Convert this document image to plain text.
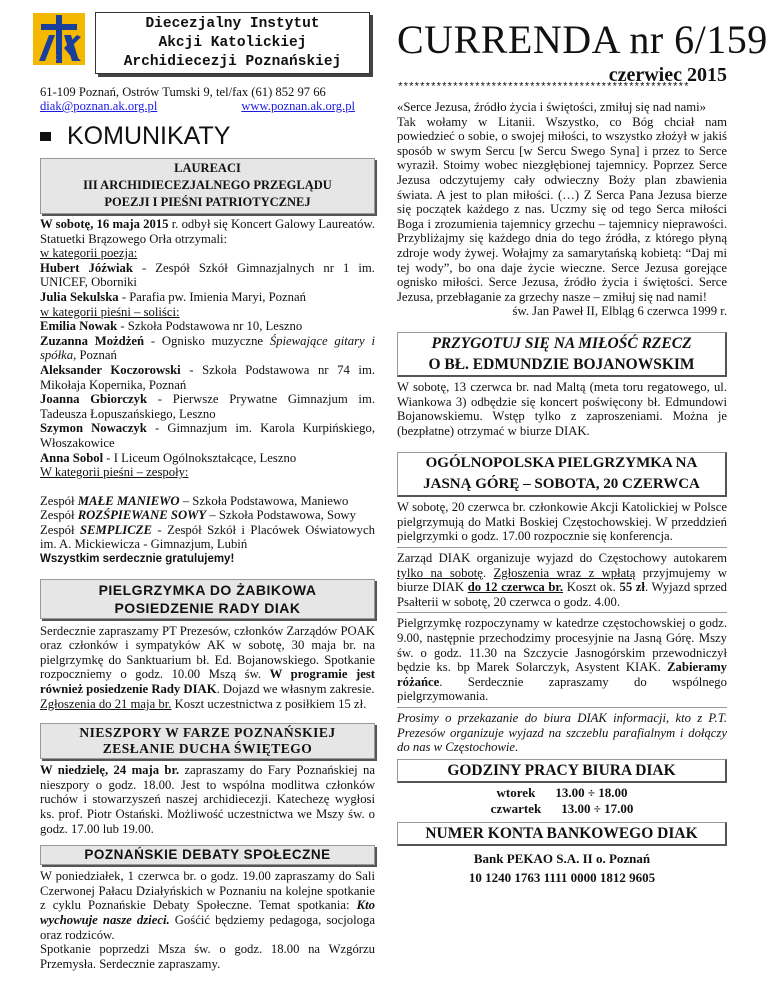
AK
Diecezjalny Instytut
Akcji Katolickiej
Archidiecezji Poznańskiej
61-109 Poznań, Ostrów Tumski 9, tel/fax (61) 852 97 66
diak@poznan.ak.org.pl	www.poznan.ak.org.pl
KOMUNIKATY
LAUREACI
III ARCHIDIECEZJALNEGO PRZEGLĄDU
POEZJI I PIEŚNI PATRIOTYCZNEJ
W sobotę, 16 maja 2015 r. odbył się Koncert Galowy Laureatów. Statuetki Brązowego Orła otrzymali:
w kategorii poezja:
Hubert Jóźwiak - Zespół Szkół Gimnazjalnych nr 1 im. UNICEF, Oborniki
Julia Sekulska - Parafia pw. Imienia Maryi, Poznań
w kategorii pieśni – soliści:
Emilia Nowak - Szkoła Podstawowa nr 10, Leszno
Zuzanna Możdżeń - Ognisko muzyczne Śpiewające gitary i spółka, Poznań
Aleksander Koczorowski - Szkoła Podstawowa nr 74 im. Mikołaja Kopernika, Poznań
Joanna Gbiorczyk - Pierwsze Prywatne Gimnazjum im. Tadeusza Łopuszańskiego, Leszno
Szymon Nowaczyk - Gimnazjum im. Karola Kurpińskiego, Włoszakowice
Anna Sobol - I Liceum Ogólnokształcące, Leszno
W kategorii pieśni – zespoły:
Zespół MAŁE MANIEWO – Szkoła Podstawowa, Maniewo
Zespół ROZŚPIEWANE SOWY – Szkoła Podstawowa, Sowy
Zespół SEMPLICZE - Zespół Szkół i Placówek Oświatowych im. A. Mickiewicza - Gimnazjum, Lubiń
Wszystkim serdecznie gratulujemy!
PIELGRZYMKA DO ŻABIKOWA
POSIEDZENIE RADY DIAK

Serdecznie zapraszamy PT Prezesów, członków Zarządów POAK oraz członków i sympatyków AK w sobotę, 30 maja br. na pielgrzymkę do Sanktuarium bł. Ed. Bojanowskiego. Spotkanie rozpoczniemy o godz. 10.00 Mszą św. W programie jest również posiedzenie Rady DIAK. Dojazd we własnym zakresie.
Zgłoszenia do 21 maja br. Koszt uczestnictwa z posiłkiem 15 zł.

NIESZPORY W FARZE POZNAŃSKIEJ
ZESŁANIE DUCHA ŚWIĘTEGO

W niedzielę, 24 maja br. zapraszamy do Fary Poznańskiej na nieszpory o godz. 18.00. Jest to wspólna modlitwa członków ruchów i stowarzyszeń naszej archidiecezji. Katechezę wygłosi ks. prof. Piotr Ostański. Możliwość uczestnictwa we Mszy św. o godz. 17.00 lub 19.00.

POZNAŃSKIE DEBATY SPOŁECZNE

W poniedziałek, 1 czerwca br. o godz. 19.00 zapraszamy do Sali Czerwonej Pałacu Działyńskich w Poznaniu na kolejne spotkanie z cyklu Poznańskie Debaty Społeczne. Temat spotkania: Kto wychowuje nasze dzieci. Gośćić będziemy pedagoga, socjologa oraz rodziców.
Spotkanie poprzedzi Msza św. o godz. 18.00 na Wzgórzu Przemysła. Serdecznie zapraszamy.

CURRENDA nr 6/159
czerwiec 2015
*****************************************************

«Serce Jezusa, źródło życia i świętości, zmiłuj się nad nami»
Tak wołamy w Litanii. Wszystko, co Bóg chciał nam powiedzieć o sobie, o swojej miłości, to wszystko złożył w jakiś sposób w swym Sercu [w Sercu Swego Syna] i przez to Serce wyraził. Stoimy wobec niezgłębionej tajemnicy. Poprzez Serce Jezusa odczytujemy cały odwieczny Boży plan zbawienia świata. A jest to plan miłości. (…) Z Serca Pana Jezusa bierze się początek każdego z nas. Uczmy się od tego Serca miłości Boga i zrozumienia tajemnicy grzechu – tajemnicy nieprawości. Przybliżajmy się każdego dnia do tego źródła, z którego płyną zdroje wody żywej. Wołajmy za samarytańską kobietą: “Daj mi tej wody”, bo ona daje życie wieczne. Serce Jezusa gorejące ognisko miłości. Serce Jezusa, źródło życia i świętości. Serce Jezusa, przebłaganie za grzechy nasze – zmiłuj się nad nami!

św. Jan Paweł II, Elbląg 6 czerwca 1999 r.

PRZYGOTUJ SIĘ NA MIŁOŚĆ RZECZ
O BŁ. EDMUNDZIE BOJANOWSKIM

W sobotę, 13 czerwca br. nad Maltą (meta toru regatowego, ul. Wiankowa 3) odbędzie się koncert poświęcony bł. Edmundowi Bojanowskiemu. Wstęp tylko z zaproszeniami. Można je (bezpłatne) otrzymać w biurze DIAK.

OGÓLNOPOLSKA PIELGRZYMKA NA
JASNĄ GÓRĘ – SOBOTA, 20 CZERWCA

W sobotę, 20 czerwca br. członkowie Akcji Katolickiej w Polsce pielgrzymują do Matki Boskiej Częstochowskiej. W przeddzień pielgrzymki o godz. 17.00 rozpocznie się konferencja.

Zarząd DIAK organizuje wyjazd do Częstochowy autokarem tylko na sobotę. Zgłoszenia wraz z wpłatą przyjmujemy w biurze DIAK do 12 czerwca br. Koszt ok. 55 zł. Wyjazd sprzed Psałterii w sobotę, 20 czerwca o godz. 4.00.

Pielgrzymkę rozpoczynamy w katedrze częstochowskiej o godz. 9.00, następnie przechodzimy procesyjnie na Jasną Górę. Mszy św. o godz. 11.30 na Szczycie Jasnogórskim przewodniczył będzie ks. bp Marek Solarczyk, Asystent KIAK. Zabieramy różańce. Serdecznie zapraszamy do wspólnego pielgrzymowania.

Prosimy o przekazanie do biura DIAK informacji, kto z P.T. Prezesów organizuje wyjazd na szczeblu parafialnym i dołączy do nas w Częstochowie.

GODZINY PRACY BIURA DIAK
wtorek	13.00 ÷ 18.00
czwartek	13.00 ÷ 17.00
NUMER KONTA BANKOWEGO DIAK
Bank PEKAO S.A. II o. Poznań
10 1240 1763 1111 0000 1812 9605
